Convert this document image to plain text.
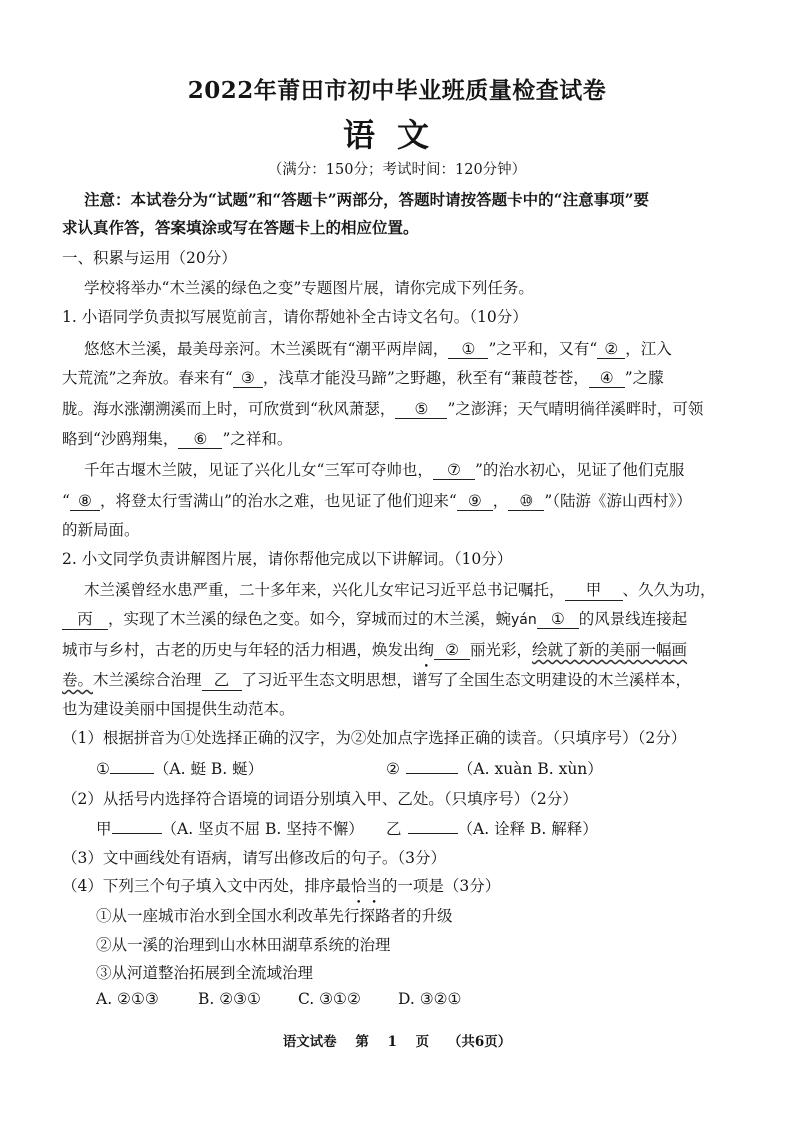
2022年莆田市初中毕业班质量检查试卷
语文
（满分：150分；考试时间：120分钟）
注意：本试卷分为“试题”和“答题卡”两部分，答题时请按答题卡中的“注意事项”要
求认真作答，答案填涂或写在答题卡上的相应位置。
一、积累与运用（20分）
学校将举办“木兰溪的绿色之变”专题图片展，请你完成下列任务。
1. 小语同学负责拟写展览前言，请你帮她补全古诗文名句。（10分）
悠悠木兰溪，最美母亲河。木兰溪既有“潮平两岸阔， ① ”之平和，又有“ ② ，江入
大荒流”之奔放。春来有“ ③ ，浅草才能没马蹄”之野趣，秋至有“蒹葭苍苍， ④ ”之朦
胧。海水涨潮溯溪而上时，可欣赏到“秋风萧瑟， ⑤ ”之澎湃；天气晴明徜徉溪畔时，可领
略到“沙鸥翔集， ⑥ ”之祥和。
千年古堰木兰陂，见证了兴化儿女“三军可夺帅也， ⑦ ”的治水初心，见证了他们克服
“ ⑧ ，将登太行雪满山”的治水之难，也见证了他们迎来“ ⑨ ， ⑩ ”（陆游《游山西村》）
的新局面。
2. 小文同学负责讲解图片展，请你帮他完成以下讲解词。（10分）
木兰溪曾经水患严重，二十多年来，兴化儿女牢记习近平总书记嘱托， 甲 、久久为功，
丙 ，实现了木兰溪的绿色之变。如今，穿城而过的木兰溪，蜿yán ① 的风景线连接起
城市与乡村，古老的历史与年轻的活力相遇，焕发出绚 ② 丽光彩，绘就了新的美丽一幅画
卷。木兰溪综合治理 乙 了习近平生态文明思想，谱写了全国生态文明建设的木兰溪样本，
也为建设美丽中国提供生动范本。
（1）根据拼音为①处选择正确的汉字，为②处加点字选择正确的读音。（只填序号）（2分）
①	（A. 蜓 B. 蜒）	②	（A. xuàn B. xùn）
（2）从括号内选择符合语境的词语分别填入甲、乙处。（只填序号）（2分）
甲	（A. 坚贞不屈 B. 坚持不懈） 乙	（A. 诠释 B. 解释）
（3）文中画线处有语病，请写出修改后的句子。（3分）
（4）下列三个句子填入文中丙处，排序最恰当的一项是（3分）
①从一座城市治水到全国水利改革先行探路者的升级
②从一溪的治理到山水林田湖草系统的治理
③从河道整治拓展到全流域治理
A. ②①③	B. ②③① C. ③①② D. ③②①
语文试卷 第 1 页 （共6页）
